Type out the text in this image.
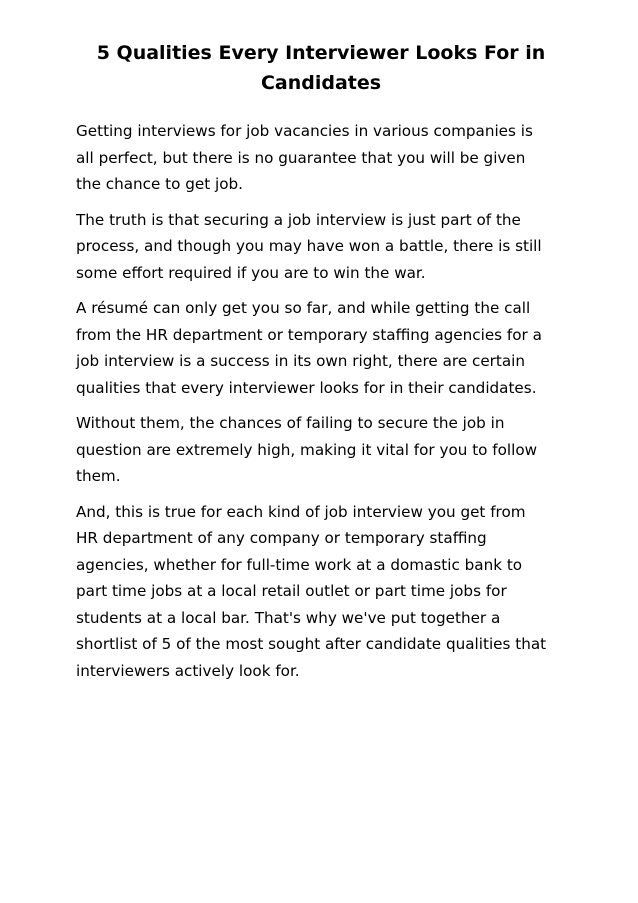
5 Qualities Every Interviewer Looks For in
Candidates

Getting interviews for job vacancies in various companies is
all perfect, but there is no guarantee that you will be given
the chance to get job.

The truth is that securing a job interview is just part of the
process, and though you may have won a battle, there is still
some effort required if you are to win the war.

A résumé can only get you so far, and while getting the call
from the HR department or temporary staffing agencies for a
job interview is a success in its own right, there are certain
qualities that every interviewer looks for in their candidates.

Without them, the chances of failing to secure the job in
question are extremely high, making it vital for you to follow
them.

And, this is true for each kind of job interview you get from
HR department of any company or temporary staffing
agencies, whether for full-time work at a domastic bank to
part time jobs at a local retail outlet or part time jobs for
students at a local bar. That's why we've put together a
shortlist of 5 of the most sought after candidate qualities that
interviewers actively look for.
